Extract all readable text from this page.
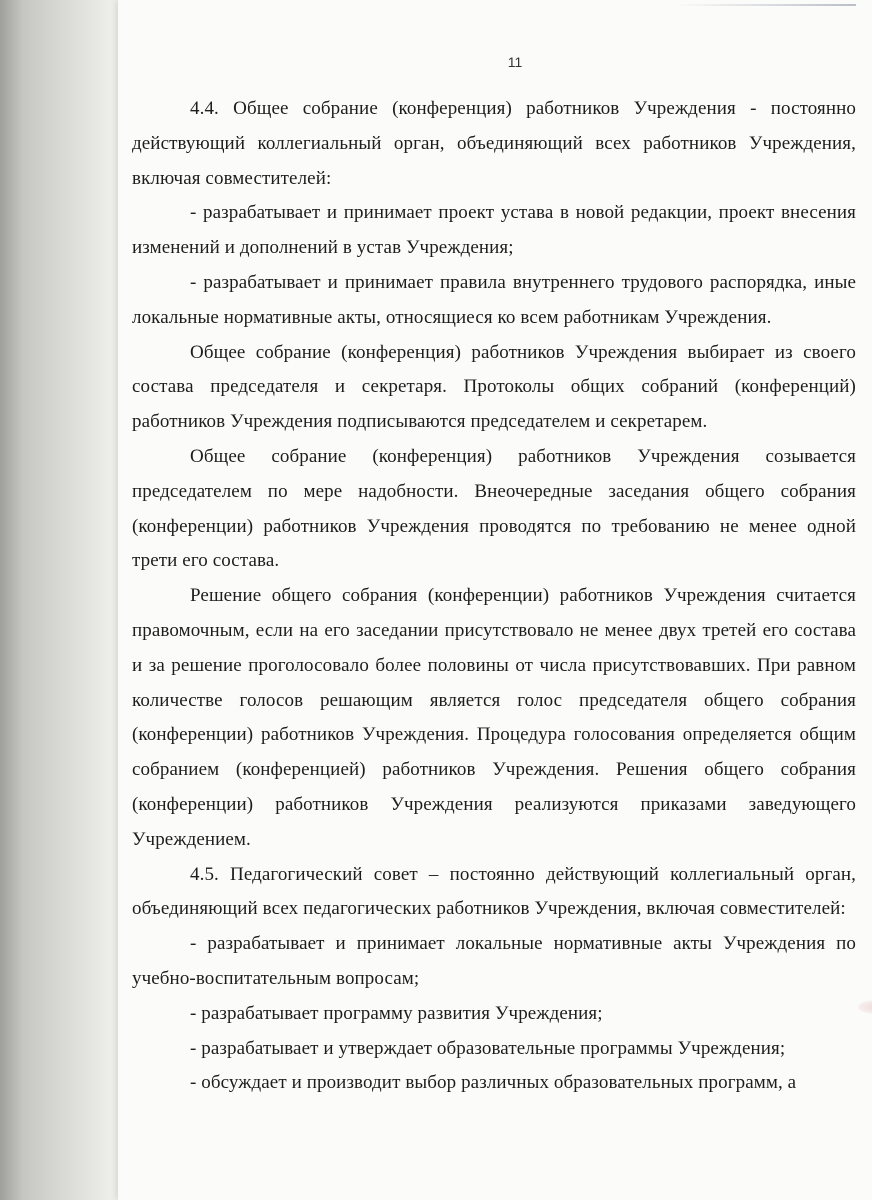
11

4.4. Общее собрание (конференция) работников Учреждения - постоянно действующий коллегиальный орган, объединяющий всех работников Учреждения, включая совместителей:

- разрабатывает и принимает проект устава в новой редакции, проект внесения изменений и дополнений в устав Учреждения;

- разрабатывает и принимает правила внутреннего трудового распорядка, иные локальные нормативные акты, относящиеся ко всем работникам Учреждения.

Общее собрание (конференция) работников Учреждения выбирает из своего состава председателя и секретаря. Протоколы общих собраний (конференций) работников Учреждения подписываются председателем и секретарем.

Общее собрание (конференция) работников Учреждения созывается председателем по мере надобности. Внеочередные заседания общего собрания (конференции) работников Учреждения проводятся по требованию не менее одной трети его состава.

Решение общего собрания (конференции) работников Учреждения считается правомочным, если на его заседании присутствовало не менее двух третей его состава и за решение проголосовало более половины от числа присутствовавших. При равном количестве голосов решающим является голос председателя общего собрания (конференции) работников Учреждения. Процедура голосования определяется общим собранием (конференцией) работников Учреждения. Решения общего собрания (конференции) работников Учреждения реализуются приказами заведующего Учреждением.

4.5. Педагогический совет – постоянно действующий коллегиальный орган, объединяющий всех педагогических работников Учреждения, включая совместителей:

- разрабатывает и принимает локальные нормативные акты Учреждения по учебно-воспитательным вопросам;

- разрабатывает программу развития Учреждения;

- разрабатывает и утверждает образовательные программы Учреждения;

- обсуждает и производит выбор различных образовательных программ, а
